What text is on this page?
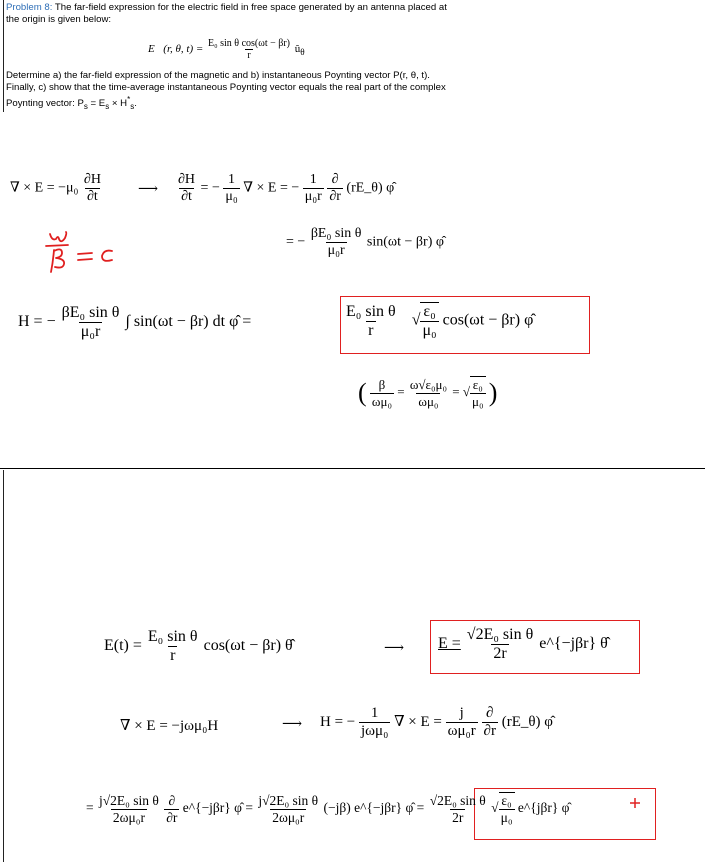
Problem 8: The far-field expression for the electric field in free space generated by an antenna placed at
the origin is given below:
E⃗(r, θ, $t) = \frac{\text{E₀ sin θ cos(ωt − βr)}}{r}$ $û_\theta$
Determine a) the far-field expression of the magnetic and b) instantaneous Poynting vector P(r, θ, t).
Finally, c) show that the time-average instantaneous Poynting vector equals the real part of the complex
Poynting vector: $P_s = E_s \times H^*_s$.
∇ × $E = -\mu_0 \frac{\partial H}{\partial t}$	⟶ $\frac{\partial H}{\partial t}$ = − $\frac{1}{\text{μ₀}}$ ∇ × E = − $\frac{1}{\text{μ₀r}}$
$\frac{\partial}{\partial r}$ (rE_θ) φ̂
= − $\frac{\text{βE₀ sin θ}}{\text{μ₀r}} \sin(\omega t - \beta r)$ φ̂
ω/β = c
H = − $\frac{\text{βE₀ sin θ}}{\text{μ₀r}}$ ∫ sin(ωt − βr) dt φ̂ =	$\frac{\text{E₀ sin θ}}{r}$ √ $\frac{\text{ε₀}}{\text{μ₀}} \cos(\omega t - \beta r)$ φ̂
( $\frac{\beta}{\text{ωμ₀}} = \frac{\text{ω√ε₀μ₀}}{\text{ωμ₀}}$ = √ $\frac{\text{ε₀}}{\text{μ₀}}$ )
$E(t) = \frac{\text{E₀ sin θ}}{r} \cos(\omega t - \beta r)$ θ̂	⟶ $E = \frac{\text{√2E₀ sin θ}}{2r}$ e^{−jβr} θ̂
∇ × E = −jωμ₀H	⟶ H = − $\frac{1}{\text{jωμ₀}}$ ∇ × $E = \frac{j}{\text{ωμ₀r}}$
$\frac{\partial}{\partial r}$ (rE_θ) φ̂
= $\frac{\text{j√2E₀ sin θ}}{\text{2ωμ₀r}}$
$\frac{\partial}{\partial r}$ e^{−jβr} φ̂ = $\frac{\text{j√2E₀ sin θ}}{\text{2ωμ₀r}} (-j\beta)$ e^{−jβr} φ̂ = $\frac{\text{√2E₀ sin θ}}{2r}$ √ $\frac{\text{ε₀}}{\text{μ₀}}$ e^{jβr} φ̂
